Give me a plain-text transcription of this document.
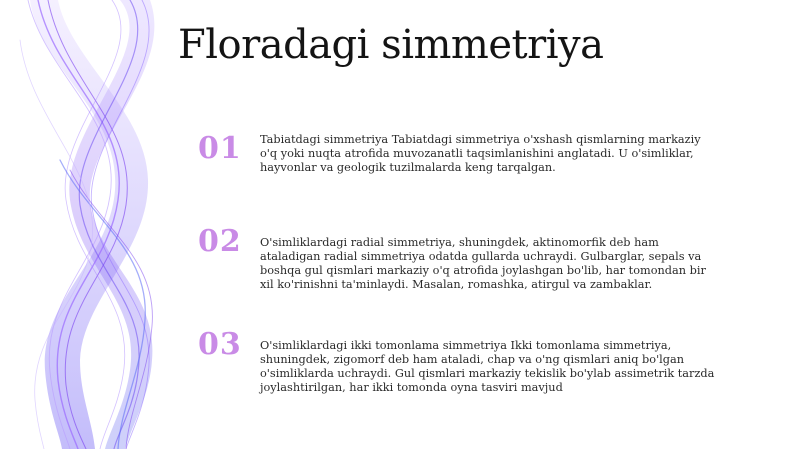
Floradagi simmetriya
01 Tabiatdagi simmetriya Tabiatdagi simmetriya o'xshash qismlarning markaziy o'q yoki nuqta atrofida muvozanatli taqsimlanishini anglatadi. U o'simliklar, hayvonlar va geologik tuzilmalarda keng tarqalgan.
02 O'simliklardagi radial simmetriya, shuningdek, aktinomorfik deb ham ataladigan radial simmetriya odatda gullarda uchraydi. Gulbarglar, sepals va boshqa gul qismlari markaziy o'q atrofida joylashgan bo'lib, har tomondan bir xil ko'rinishni ta'minlaydi. Masalan, romashka, atirgul va zambaklar.
03 O'simliklardagi ikki tomonlama simmetriya Ikki tomonlama simmetriya, shuningdek, zigomorf deb ham ataladi, chap va o'ng qismlari aniq bo'lgan o'simliklarda uchraydi. Gul qismlari markaziy tekislik bo'ylab assimetrik tarzda joylashtirilgan, har ikki tomonda oyna tasviri mavjud
